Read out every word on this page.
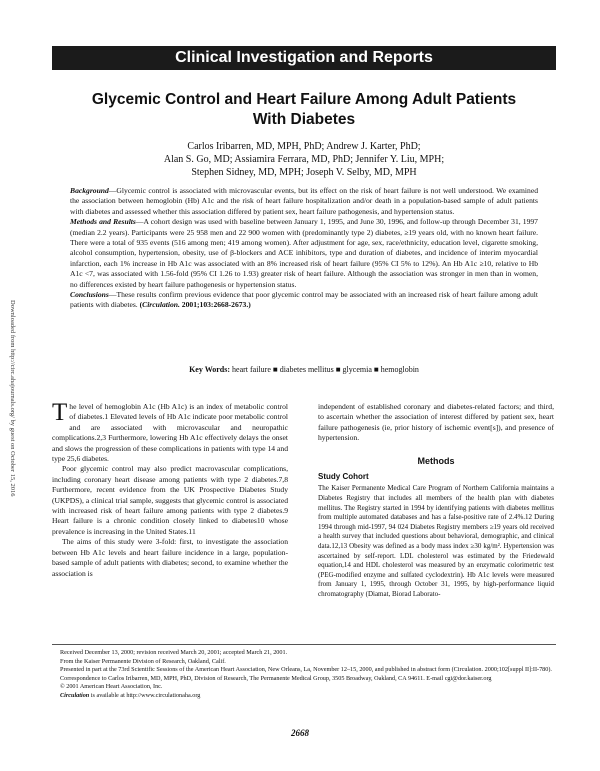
Clinical Investigation and Reports
Glycemic Control and Heart Failure Among Adult Patients
With Diabetes
Carlos Iribarren, MD, MPH, PhD; Andrew J. Karter, PhD;
Alan S. Go, MD; Assiamira Ferrara, MD, PhD; Jennifer Y. Liu, MPH;
Stephen Sidney, MD, MPH; Joseph V. Selby, MD, MPH

Background—Glycemic control is associated with microvascular events, but its effect on the risk of heart failure is not well understood. We examined the association between hemoglobin (Hb) A1c and the risk of heart failure hospitalization and/or death in a population-based sample of adult patients with diabetes and assessed whether this association differed by patient sex, heart failure pathogenesis, and hypertension status.

Methods and Results—A cohort design was used with baseline between January 1, 1995, and June 30, 1996, and follow-up through December 31, 1997 (median 2.2 years). Participants were 25 958 men and 22 900 women with (predominantly type 2) diabetes, ≥19 years old, with no known heart failure. There were a total of 935 events (516 among men; 419 among women). After adjustment for age, sex, race/ethnicity, education level, cigarette smoking, alcohol consumption, hypertension, obesity, use of β-blockers and ACE inhibitors, type and duration of diabetes, and incidence of interim myocardial infarction, each 1% increase in Hb A1c was associated with an 8% increased risk of heart failure (95% CI 5% to 12%). An Hb A1c ≥10, relative to Hb A1c <7, was associated with 1.56-fold (95% CI 1.26 to 1.93) greater risk of heart failure. Although the association was stronger in men than in women, no differences existed by heart failure pathogenesis or hypertension status.

Conclusions—These results confirm previous evidence that poor glycemic control may be associated with an increased risk of heart failure among adult patients with diabetes. (Circulation. 2001;103:2668-2673.)

Key Words: heart failure ■ diabetes mellitus ■ glycemia ■ hemoglobin
Downloaded from http://circ.ahajournals.org/ by guest on October 15, 2016 The level of hemoglobin A1c (Hb A1c) is an index of metabolic control of diabetes.1 Elevated levels of Hb A1c indicate poor metabolic control and are associated with microvascular and neuropathic complications.2,3 Furthermore, lowering Hb A1c effectively delays the onset and slows the progression of these complications in patients with type 14 and type 25,6 diabetes.

Poor glycemic control may also predict macrovascular complications, including coronary heart disease among patients with type 2 diabetes.7,8 Furthermore, recent evidence from the UK Prospective Diabetes Study (UKPDS), a clinical trial sample, suggests that glycemic control is associated with increased risk of heart failure among patients with type 2 diabetes.9 Heart failure is a chronic condition closely linked to diabetes10 whose prevalence is increasing in the United States.11

The aims of this study were 3-fold: first, to investigate the association between Hb A1c levels and heart failure incidence in a large, population-based sample of adult patients with diabetes; second, to examine whether the association is

independent of established coronary and diabetes-related factors; and third, to ascertain whether the association of interest differed by patient sex, heart failure pathogenesis (ie, prior history of ischemic event[s]), and presence of hypertension.

Methods
Study Cohort

The Kaiser Permanente Medical Care Program of Northern California maintains a Diabetes Registry that includes all members of the health plan with diabetes mellitus. The Registry started in 1994 by identifying patients with diabetes mellitus from multiple automated databases and has a false-positive rate of 2.4%.12 During 1994 through mid-1997, 94 024 Diabetes Registry members ≥19 years old received a health survey that included questions about behavioral, demographic, and clinical data.12,13 Obesity was defined as a body mass index ≥30 kg/m². Hypertension was ascertained by self-report. LDL cholesterol was estimated by the Friedewald equation,14 and HDL cholesterol was measured by an enzymatic colorimetric test (PEG-modified enzyme and sulfated cyclodextrin). Hb A1c levels were measured from January 1, 1995, through October 31, 1995, by high-performance liquid chromatography (Diamat, Biorad Laborato-

Received December 13, 2000; revision received March 20, 2001; accepted March 21, 2001.
From the Kaiser Permanente Division of Research, Oakland, Calif.
Presented in part at the 73rd Scientific Sessions of the American Heart Association, New Orleans, La, November 12–15, 2000, and published in abstract form (Circulation. 2000;102[suppl II]:II-780).
Correspondence to Carlos Iribarren, MD, MPH, PhD, Division of Research, The Permanente Medical Group, 3505 Broadway, Oakland, CA 94611. E-mail cgi@dor.kaiser.org
© 2001 American Heart Association, Inc.
Circulation is available at http://www.circulationaha.org
2668
